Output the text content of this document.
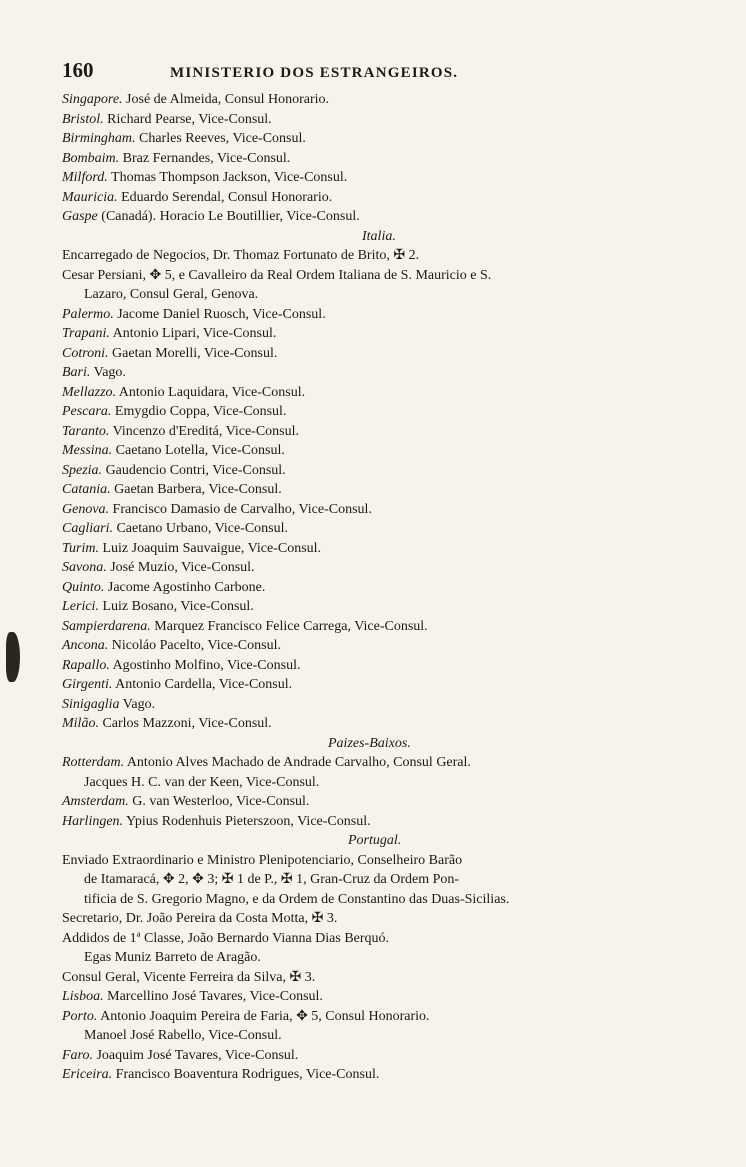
160	MINISTERIO DOS ESTRANGEIROS.
Singapore. José de Almeida, Consul Honorario.
Bristol. Richard Pearse, Vice-Consul.
Birmingham. Charles Reeves, Vice-Consul.
Bombaim. Braz Fernandes, Vice-Consul.
Milford. Thomas Thompson Jackson, Vice-Consul.
Mauricia. Eduardo Serendal, Consul Honorario.
Gaspe (Canadá). Horacio Le Boutillier, Vice-Consul.
Italia.
Encarregado de Negocios, Dr. Thomaz Fortunato de Brito, ✠ 2.
Cesar Persiani, ✥ 5, e Cavalleiro da Real Ordem Italiana de S. Mauricio e S.
Lazaro, Consul Geral, Genova.
Palermo. Jacome Daniel Ruosch, Vice-Consul.
Trapani. Antonio Lipari, Vice-Consul.
Cotroni. Gaetan Morelli, Vice-Consul.
Bari. Vago.
Mellazzo. Antonio Laquidara, Vice-Consul.
Pescara. Emygdio Coppa, Vice-Consul.
Taranto. Vincenzo d'Ereditá, Vice-Consul.
Messina. Caetano Lotella, Vice-Consul.
Spezia. Gaudencio Contri, Vice-Consul.
Catania. Gaetan Barbera, Vice-Consul.
Genova. Francisco Damasio de Carvalho, Vice-Consul.
Cagliari. Caetano Urbano, Vice-Consul.
Turim. Luiz Joaquim Sauvaigue, Vice-Consul.
Savona. José Muzio, Vice-Consul.
Quinto. Jacome Agostinho Carbone.
Lerici. Luiz Bosano, Vice-Consul.
Sampierdarena. Marquez Francisco Felice Carrega, Vice-Consul.
Ancona. Nicoláo Pacelto, Vice-Consul.
Rapallo. Agostinho Molfino, Vice-Consul.
Girgenti. Antonio Cardella, Vice-Consul.
Sinigaglia Vago.
Milão. Carlos Mazzoni, Vice-Consul.
Paizes-Baixos.
Rotterdam. Antonio Alves Machado de Andrade Carvalho, Consul Geral.
Jacques H. C. van der Keen, Vice-Consul.
Amsterdam. G. van Westerloo, Vice-Consul.
Harlingen. Ypius Rodenhuis Pieterszoon, Vice-Consul.
Portugal.
Enviado Extraordinario e Ministro Plenipotenciario, Conselheiro Barão
de Itamaracá, ✥ 2, ✥ 3; ✠ 1 de P., ✠ 1, Gran-Cruz da Ordem Pon-
tificia de S. Gregorio Magno, e da Ordem de Constantino das Duas-Sicilias.
Secretario, Dr. João Pereira da Costa Motta, ✠ 3.
Addidos de 1ª Classe, João Bernardo Vianna Dias Berquó.
Egas Muniz Barreto de Aragão.
Consul Geral, Vicente Ferreira da Silva, ✠ 3.
Lisboa. Marcellino José Tavares, Vice-Consul.
Porto. Antonio Joaquim Pereira de Faria, ✥ 5, Consul Honorario.
Manoel José Rabello, Vice-Consul.
Faro. Joaquim José Tavares, Vice-Consul.
Ericeira. Francisco Boaventura Rodrigues, Vice-Consul.
